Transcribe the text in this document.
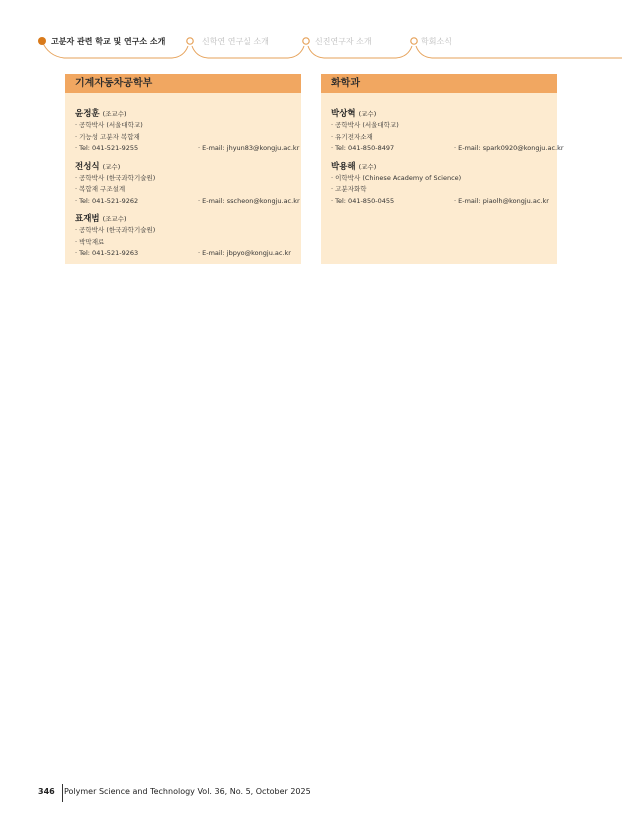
고분자 관련 학교 및 연구소 소개	신학연 연구실 소개	신진연구자 소개	학회소식
기계자동차공학부
윤정훈 (조교수)
· 공학박사 (서울대학교)
· 기능성 고분자 복합재
· Tel: 041-521-9255	· E-mail: jhyun83@kongju.ac.kr
전성식 (교수)
· 공학박사 (한국과학기술원)
· 복합재 구조설계
· Tel: 041-521-9262	· E-mail: sscheon@kongju.ac.kr
표재범 (조교수)
· 공학박사 (한국과학기술원)
· 박막재료
· Tel: 041-521-9263	· E-mail: jbpyo@kongju.ac.kr
화학과
박상혁 (교수)
· 공학박사 (서울대학교)
· 유기전자소재
· Tel: 041-850-8497	· E-mail: spark0920@kongju.ac.kr
박용해 (교수)
· 이학박사 (Chinese Academy of Science)
· 고분자화학
· Tel: 041-850-0455	· E-mail: piaolh@kongju.ac.kr
346 Polymer Science and Technology Vol. 36, No. 5, October 2025
